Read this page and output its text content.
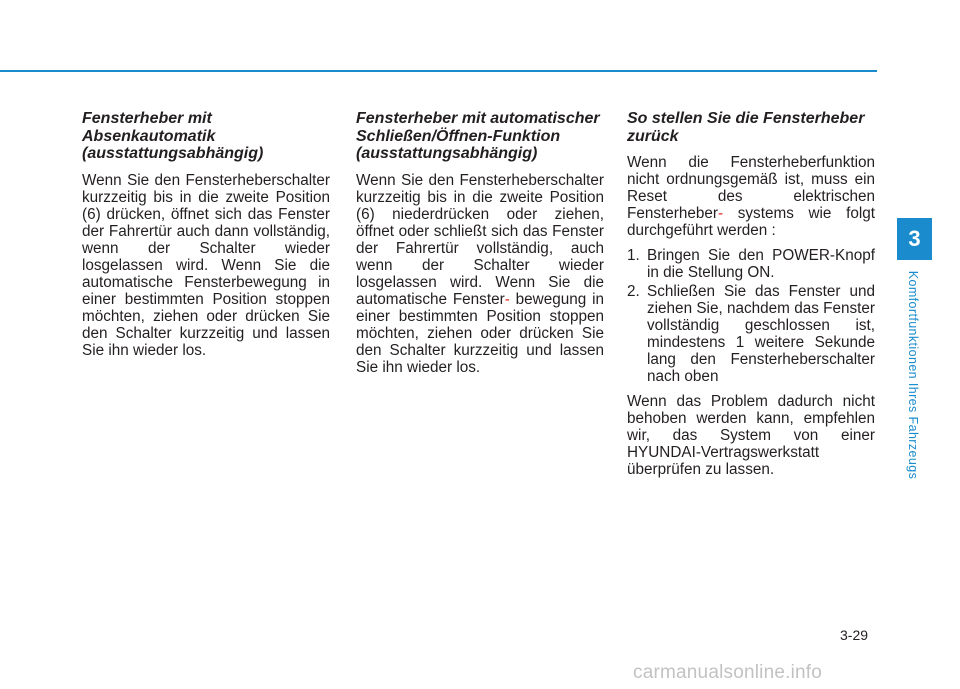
Fensterheber mit
Absenkautomatik
(ausstattungsabhängig)

Wenn Sie den Fensterheberschalter kurzzeitig bis in die zweite Position (6) drücken, öffnet sich das Fenster der Fahrertür auch dann vollständig, wenn der Schalter wieder losgelassen wird. Wenn Sie die automatische Fensterbewegung in einer bestimmten Position stoppen möchten, ziehen oder drücken Sie den Schalter kurzzeitig und lassen Sie ihn wieder los.

Fensterheber mit automatischer
Schließen/Öffnen-Funktion
(ausstattungsabhängig)

Wenn Sie den Fensterheberschalter kurzzeitig bis in die zweite Position (6) niederdrücken oder ziehen, öffnet oder schließt sich das Fenster der Fahrertür vollständig, auch wenn der Schalter wieder losgelassen wird. Wenn Sie die automatische Fenster- bewegung in einer bestimmten Position stoppen möchten, ziehen oder drücken Sie den Schalter kurzzeitig und lassen Sie ihn wieder los.

So stellen Sie die Fensterheber
zurück

Wenn die Fensterheberfunktion nicht ordnungsgemäß ist, muss ein Reset des elektrischen Fensterheber- systems wie folgt durchgeführt werden :

1. Bringen Sie den POWER-Knopf in die Stellung ON.
2. Schließen Sie das Fenster und ziehen Sie, nachdem das Fenster vollständig geschlossen ist, mindestens 1 weitere Sekunde lang den Fensterheberschalter nach oben

Wenn das Problem dadurch nicht behoben werden kann, empfehlen wir, das System von einer HYUNDAI-Vertragswerkstatt überprüfen zu lassen.

3
Komfortfunktionen Ihres Fahrzeugs
3-29
carmanualsonline.info
